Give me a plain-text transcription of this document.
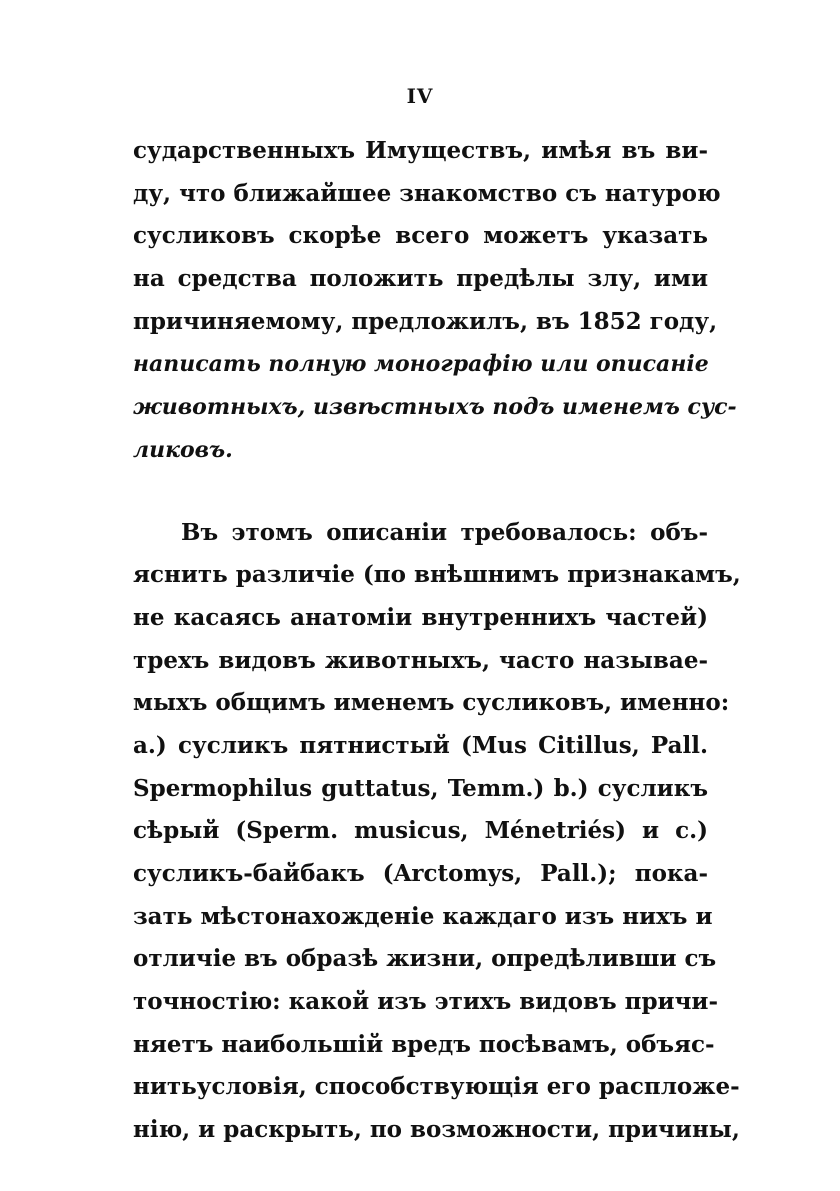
IV
сударственныхъ Имуществъ, имѣя въ ви-
ду, что ближайшее знакомство съ натурою
сусликовъ скорѣе всего можетъ указать
на средства положить предѣлы злу, ими
причиняемому, предложилъ, въ 1852 году,
написать полную монографію или описаніе
животныхъ, извѣстныхъ подъ именемъ сус-
ликовъ.
Въ этомъ описаніи требовалось: объ-
яснить различіе (по внѣшнимъ признакамъ,
не касаясь анатоміи внутреннихъ частей)
трехъ видовъ животныхъ, часто называе-
мыхъ общимъ именемъ сусликовъ, именно:
a.) сусликъ пятнистый (Mus Citillus, Pall.
Spermophilus guttatus, Temm.) b.) сусликъ
сѣрый (Sperm. musicus, Ménetriés) и c.)
сусликъ-байбакъ (Arctomys, Pall.); пока-
зать мѣстонахожденіе каждаго изъ нихъ и
отличіе въ образѣ жизни, опредѣливши съ
точностію: какой изъ этихъ видовъ причи-
няетъ наибольшій вредъ посѣвамъ, объяс-
нитьусловія, способствующія его распложе-
нію, и раскрыть, по возможности, причины,
